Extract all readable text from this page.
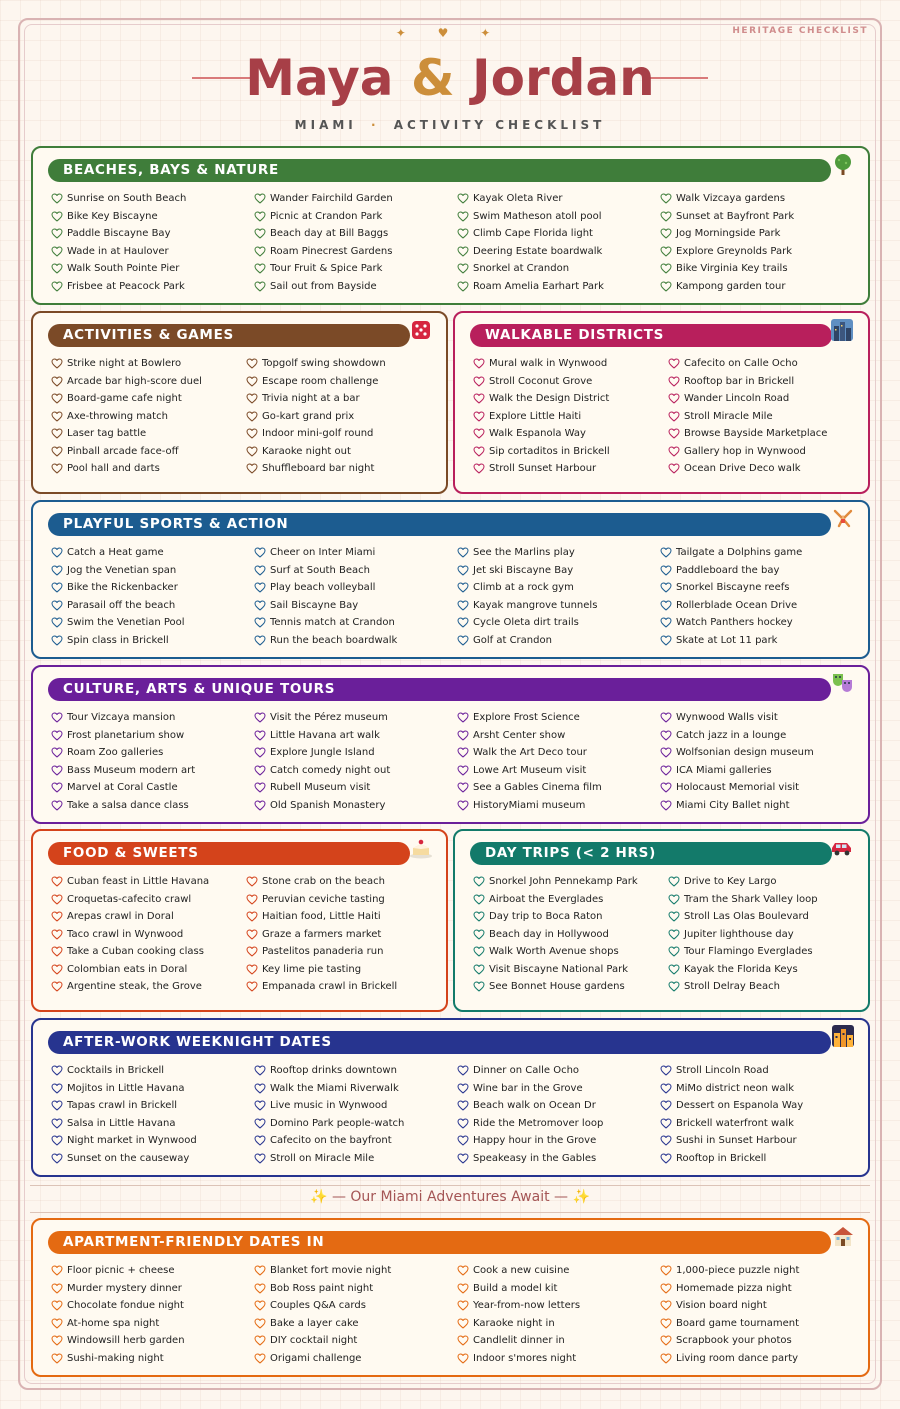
HERITAGE CHECKLIST
✦ ♥ ✦
Maya & Jordan
MIAMI · ACTIVITY CHECKLIST
BEACHES, BAYS & NATURE
Sunrise on South Beach
Bike Key Biscayne
Paddle Biscayne Bay
Wade in at Haulover
Walk South Pointe Pier
Frisbee at Peacock Park
Wander Fairchild Garden
Picnic at Crandon Park
Beach day at Bill Baggs
Roam Pinecrest Gardens
Tour Fruit & Spice Park
Sail out from Bayside
Kayak Oleta River
Swim Matheson atoll pool
Climb Cape Florida light
Deering Estate boardwalk
Snorkel at Crandon
Roam Amelia Earhart Park
Walk Vizcaya gardens
Sunset at Bayfront Park
Jog Morningside Park
Explore Greynolds Park
Bike Virginia Key trails
Kampong garden tour
ACTIVITIES & GAMES
Strike night at Bowlero
Arcade bar high-score duel
Board-game cafe night
Axe-throwing match
Laser tag battle
Pinball arcade face-off
Pool hall and darts
Topgolf swing showdown
Escape room challenge
Trivia night at a bar
Go-kart grand prix
Indoor mini-golf round
Karaoke night out
Shuffleboard bar night
WALKABLE DISTRICTS
Mural walk in Wynwood
Stroll Coconut Grove
Walk the Design District
Explore Little Haiti
Walk Espanola Way
Sip cortaditos in Brickell
Stroll Sunset Harbour
Cafecito on Calle Ocho
Rooftop bar in Brickell
Wander Lincoln Road
Stroll Miracle Mile
Browse Bayside Marketplace
Gallery hop in Wynwood
Ocean Drive Deco walk
PLAYFUL SPORTS & ACTION
Catch a Heat game
Jog the Venetian span
Bike the Rickenbacker
Parasail off the beach
Swim the Venetian Pool
Spin class in Brickell
Cheer on Inter Miami
Surf at South Beach
Play beach volleyball
Sail Biscayne Bay
Tennis match at Crandon
Run the beach boardwalk
See the Marlins play
Jet ski Biscayne Bay
Climb at a rock gym
Kayak mangrove tunnels
Cycle Oleta dirt trails
Golf at Crandon
Tailgate a Dolphins game
Paddleboard the bay
Snorkel Biscayne reefs
Rollerblade Ocean Drive
Watch Panthers hockey
Skate at Lot 11 park
CULTURE, ARTS & UNIQUE TOURS
Tour Vizcaya mansion
Frost planetarium show
Roam Zoo galleries
Bass Museum modern art
Marvel at Coral Castle
Take a salsa dance class
Visit the Pérez museum
Little Havana art walk
Explore Jungle Island
Catch comedy night out
Rubell Museum visit
Old Spanish Monastery
Explore Frost Science
Arsht Center show
Walk the Art Deco tour
Lowe Art Museum visit
See a Gables Cinema film
HistoryMiami museum
Wynwood Walls visit
Catch jazz in a lounge
Wolfsonian design museum
ICA Miami galleries
Holocaust Memorial visit
Miami City Ballet night
FOOD & SWEETS
Cuban feast in Little Havana
Croquetas-cafecito crawl
Arepas crawl in Doral
Taco crawl in Wynwood
Take a Cuban cooking class
Colombian eats in Doral
Argentine steak, the Grove
Stone crab on the beach
Peruvian ceviche tasting
Haitian food, Little Haiti
Graze a farmers market
Pastelitos panaderia run
Key lime pie tasting
Empanada crawl in Brickell
DAY TRIPS (< 2 HRS)
Snorkel John Pennekamp Park
Airboat the Everglades
Day trip to Boca Raton
Beach day in Hollywood
Walk Worth Avenue shops
Visit Biscayne National Park
See Bonnet House gardens
Drive to Key Largo
Tram the Shark Valley loop
Stroll Las Olas Boulevard
Jupiter lighthouse day
Tour Flamingo Everglades
Kayak the Florida Keys
Stroll Delray Beach
AFTER-WORK WEEKNIGHT DATES
Cocktails in Brickell
Mojitos in Little Havana
Tapas crawl in Brickell
Salsa in Little Havana
Night market in Wynwood
Sunset on the causeway
Rooftop drinks downtown
Walk the Miami Riverwalk
Live music in Wynwood
Domino Park people-watch
Cafecito on the bayfront
Stroll on Miracle Mile
Dinner on Calle Ocho
Wine bar in the Grove
Beach walk on Ocean Dr
Ride the Metromover loop
Happy hour in the Grove
Speakeasy in the Gables
Stroll Lincoln Road
MiMo district neon walk
Dessert on Espanola Way
Brickell waterfront walk
Sushi in Sunset Harbour
Rooftop in Brickell
APARTMENT-FRIENDLY DATES IN
Floor picnic + cheese
Murder mystery dinner
Chocolate fondue night
At-home spa night
Windowsill herb garden
Sushi-making night
Blanket fort movie night
Bob Ross paint night
Couples Q&A cards
Bake a layer cake
DIY cocktail night
Origami challenge
Cook a new cuisine
Build a model kit
Year-from-now letters
Karaoke night in
Candlelit dinner in
Indoor s'mores night
1,000-piece puzzle night
Homemade pizza night
Vision board night
Board game tournament
Scrapbook your photos
Living room dance party
✨ — Our Miami Adventures Await — ✨
